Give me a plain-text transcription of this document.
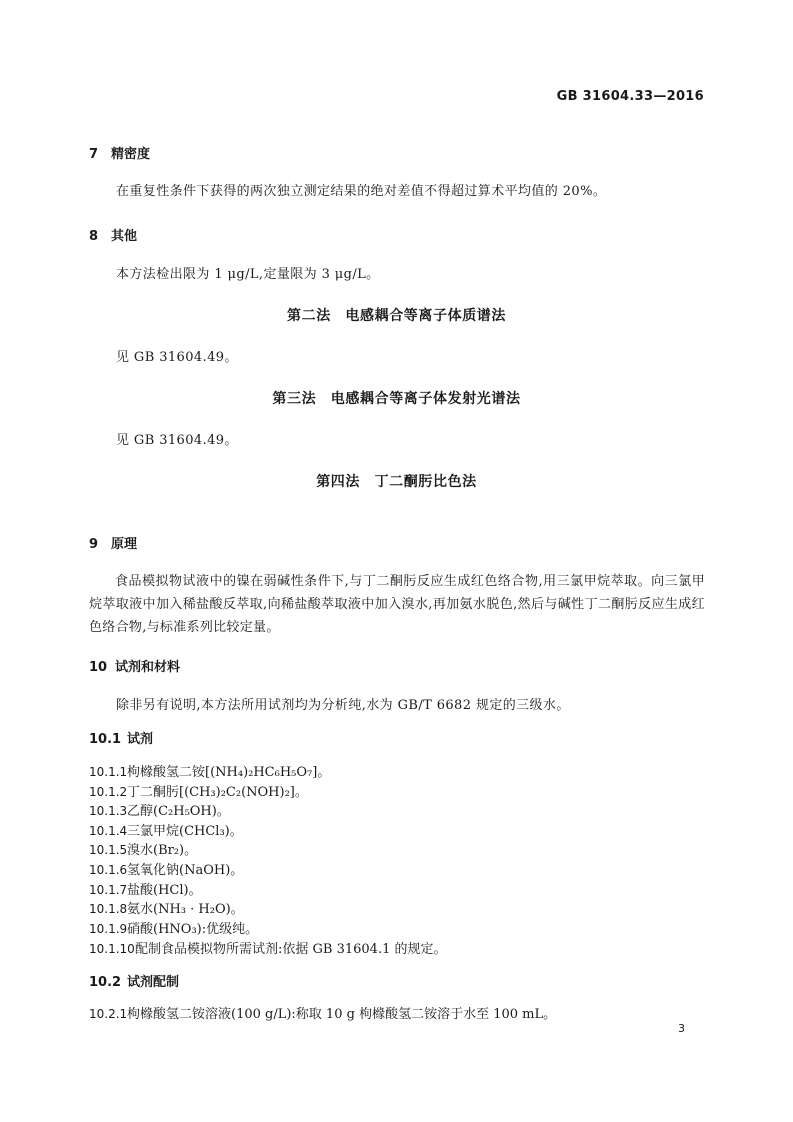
GB 31604.33—2016
7 精密度
在重复性条件下获得的两次独立测定结果的绝对差值不得超过算术平均值的 20%。
8 其他
本方法检出限为 1 μg/L,定量限为 3 μg/L。
第二法　电感耦合等离子体质谱法
见 GB 31604.49。
第三法　电感耦合等离子体发射光谱法
见 GB 31604.49。
第四法　丁二酮肟比色法
9 原理
食品模拟物试液中的镍在弱碱性条件下,与丁二酮肟反应生成红色络合物,用三氯甲烷萃取。向三氯甲烷萃取液中加入稀盐酸反萃取,向稀盐酸萃取液中加入溴水,再加氨水脱色,然后与碱性丁二酮肟反应生成红色络合物,与标准系列比较定量。
10 试剂和材料
除非另有说明,本方法所用试剂均为分析纯,水为 GB/T 6682 规定的三级水。
10.1 试剂
10.1.1枸橼酸氢二铵[(NH₄)₂HC₆H₅O₇]。
10.1.2丁二酮肟[(CH₃)₂C₂(NOH)₂]。
10.1.3乙醇(C₂H₅OH)。
10.1.4三氯甲烷(CHCl₃)。
10.1.5溴水(Br₂)。
10.1.6氢氧化钠(NaOH)。
10.1.7盐酸(HCl)。
10.1.8氨水(NH₃ · H₂O)。
10.1.9硝酸(HNO₃):优级纯。
10.1.10配制食品模拟物所需试剂:依据 GB 31604.1 的规定。
10.2 试剂配制
10.2.1枸橼酸氢二铵溶液(100 g/L):称取 10 g 枸橼酸氢二铵溶于水至 100 mL。
3
